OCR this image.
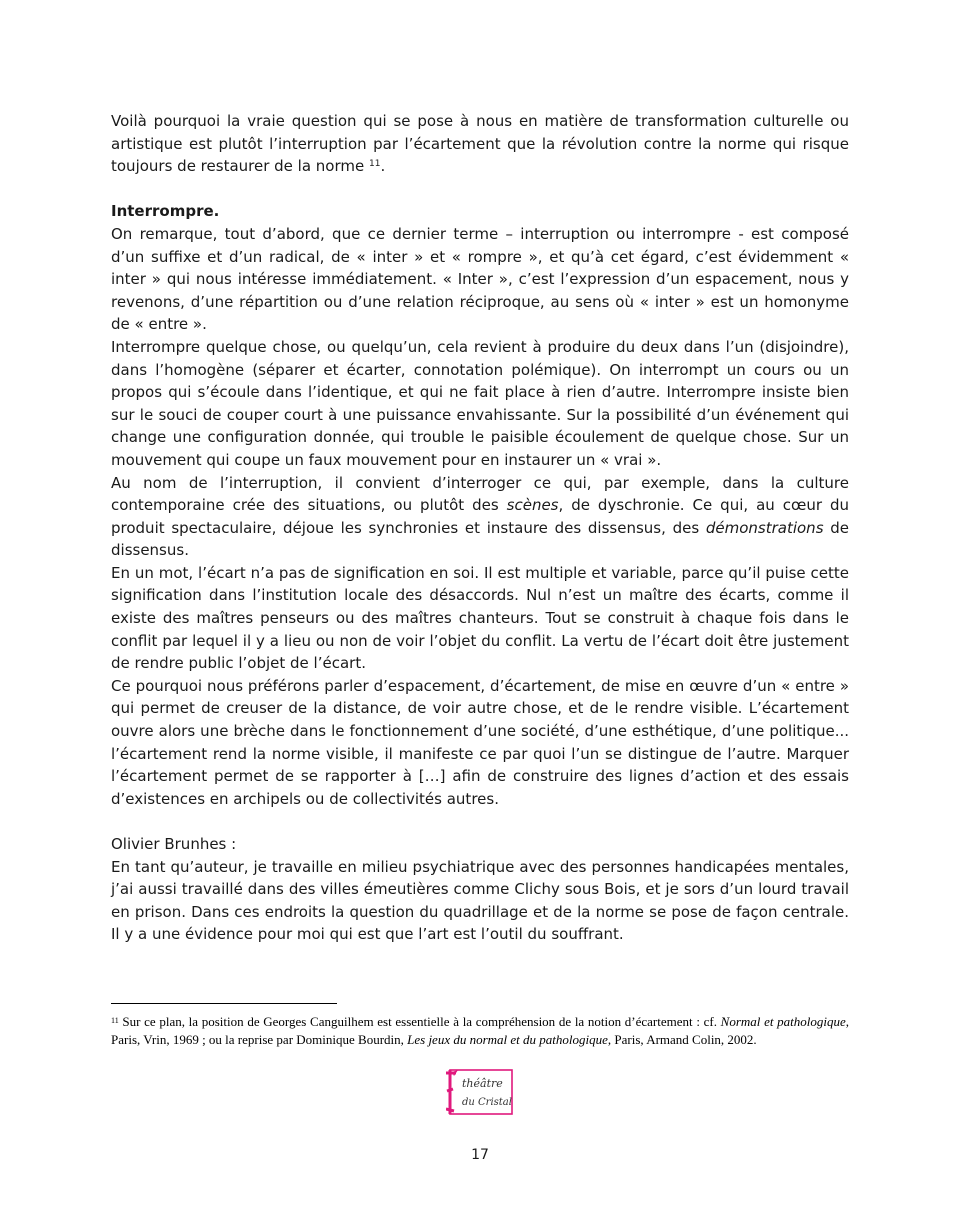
Voilà pourquoi la vraie question qui se pose à nous en matière de transformation culturelle ou artistique est plutôt l’interruption par l’écartement que la révolution contre la norme qui risque toujours de restaurer de la norme $^{11}$.

Interrompre.

On remarque, tout d’abord, que ce dernier terme – interruption ou interrompre - est composé d’un suffixe et d’un radical, de « inter » et « rompre », et qu’à cet égard, c’est évidemment « inter » qui nous intéresse immédiatement. « Inter », c’est l’expression d’un espacement, nous y revenons, d’une répartition ou d’une relation réciproque, au sens où « inter » est un homonyme de « entre ».

Interrompre quelque chose, ou quelqu’un, cela revient à produire du deux dans l’un (disjoindre), dans l’homogène (séparer et écarter, connotation polémique). On interrompt un cours ou un propos qui s’écoule dans l’identique, et qui ne fait place à rien d’autre. Interrompre insiste bien sur le souci de couper court à une puissance envahissante. Sur la possibilité d’un événement qui change une configuration donnée, qui trouble le paisible écoulement de quelque chose. Sur un mouvement qui coupe un faux mouvement pour en instaurer un « vrai ».

Au nom de l’interruption, il convient d’interroger ce qui, par exemple, dans la culture contemporaine crée des situations, ou plutôt des scènes, de dyschronie. Ce qui, au cœur du produit spectaculaire, déjoue les synchronies et instaure des dissensus, des démonstrations de dissensus.

En un mot, l’écart n’a pas de signification en soi. Il est multiple et variable, parce qu’il puise cette signification dans l’institution locale des désaccords. Nul n’est un maître des écarts, comme il existe des maîtres penseurs ou des maîtres chanteurs. Tout se construit à chaque fois dans le conflit par lequel il y a lieu ou non de voir l’objet du conflit. La vertu de l’écart doit être justement de rendre public l’objet de l’écart.

Ce pourquoi nous préférons parler d’espacement, d’écartement, de mise en œuvre d’un « entre » qui permet de creuser de la distance, de voir autre chose, et de le rendre visible. L’écartement ouvre alors une brèche dans le fonctionnement d’une société, d’une esthétique, d’une politique... l’écartement rend la norme visible, il manifeste ce par quoi l’un se distingue de l’autre. Marquer l’écartement permet de se rapporter à […] afin de construire des lignes d’action et des essais d’existences en archipels ou de collectivités autres.

Olivier Brunhes :

En tant qu’auteur, je travaille en milieu psychiatrique avec des personnes handicapées mentales, j’ai aussi travaillé dans des villes émeutières comme Clichy sous Bois, et je sors d’un lourd travail en prison. Dans ces endroits la question du quadrillage et de la norme se pose de façon centrale. Il y a une évidence pour moi qui est que l’art est l’outil du souffrant.

$^{11}$ Sur ce plan, la position de Georges Canguilhem est essentielle à la compréhension de la notion d’écartement : cf. Normal et pathologique, Paris, Vrin, 1969 ; ou la reprise par Dominique Bourdin, Les jeux du normal et du pathologique, Paris, Armand Colin, 2002.
théâtre
du Cristal
17
